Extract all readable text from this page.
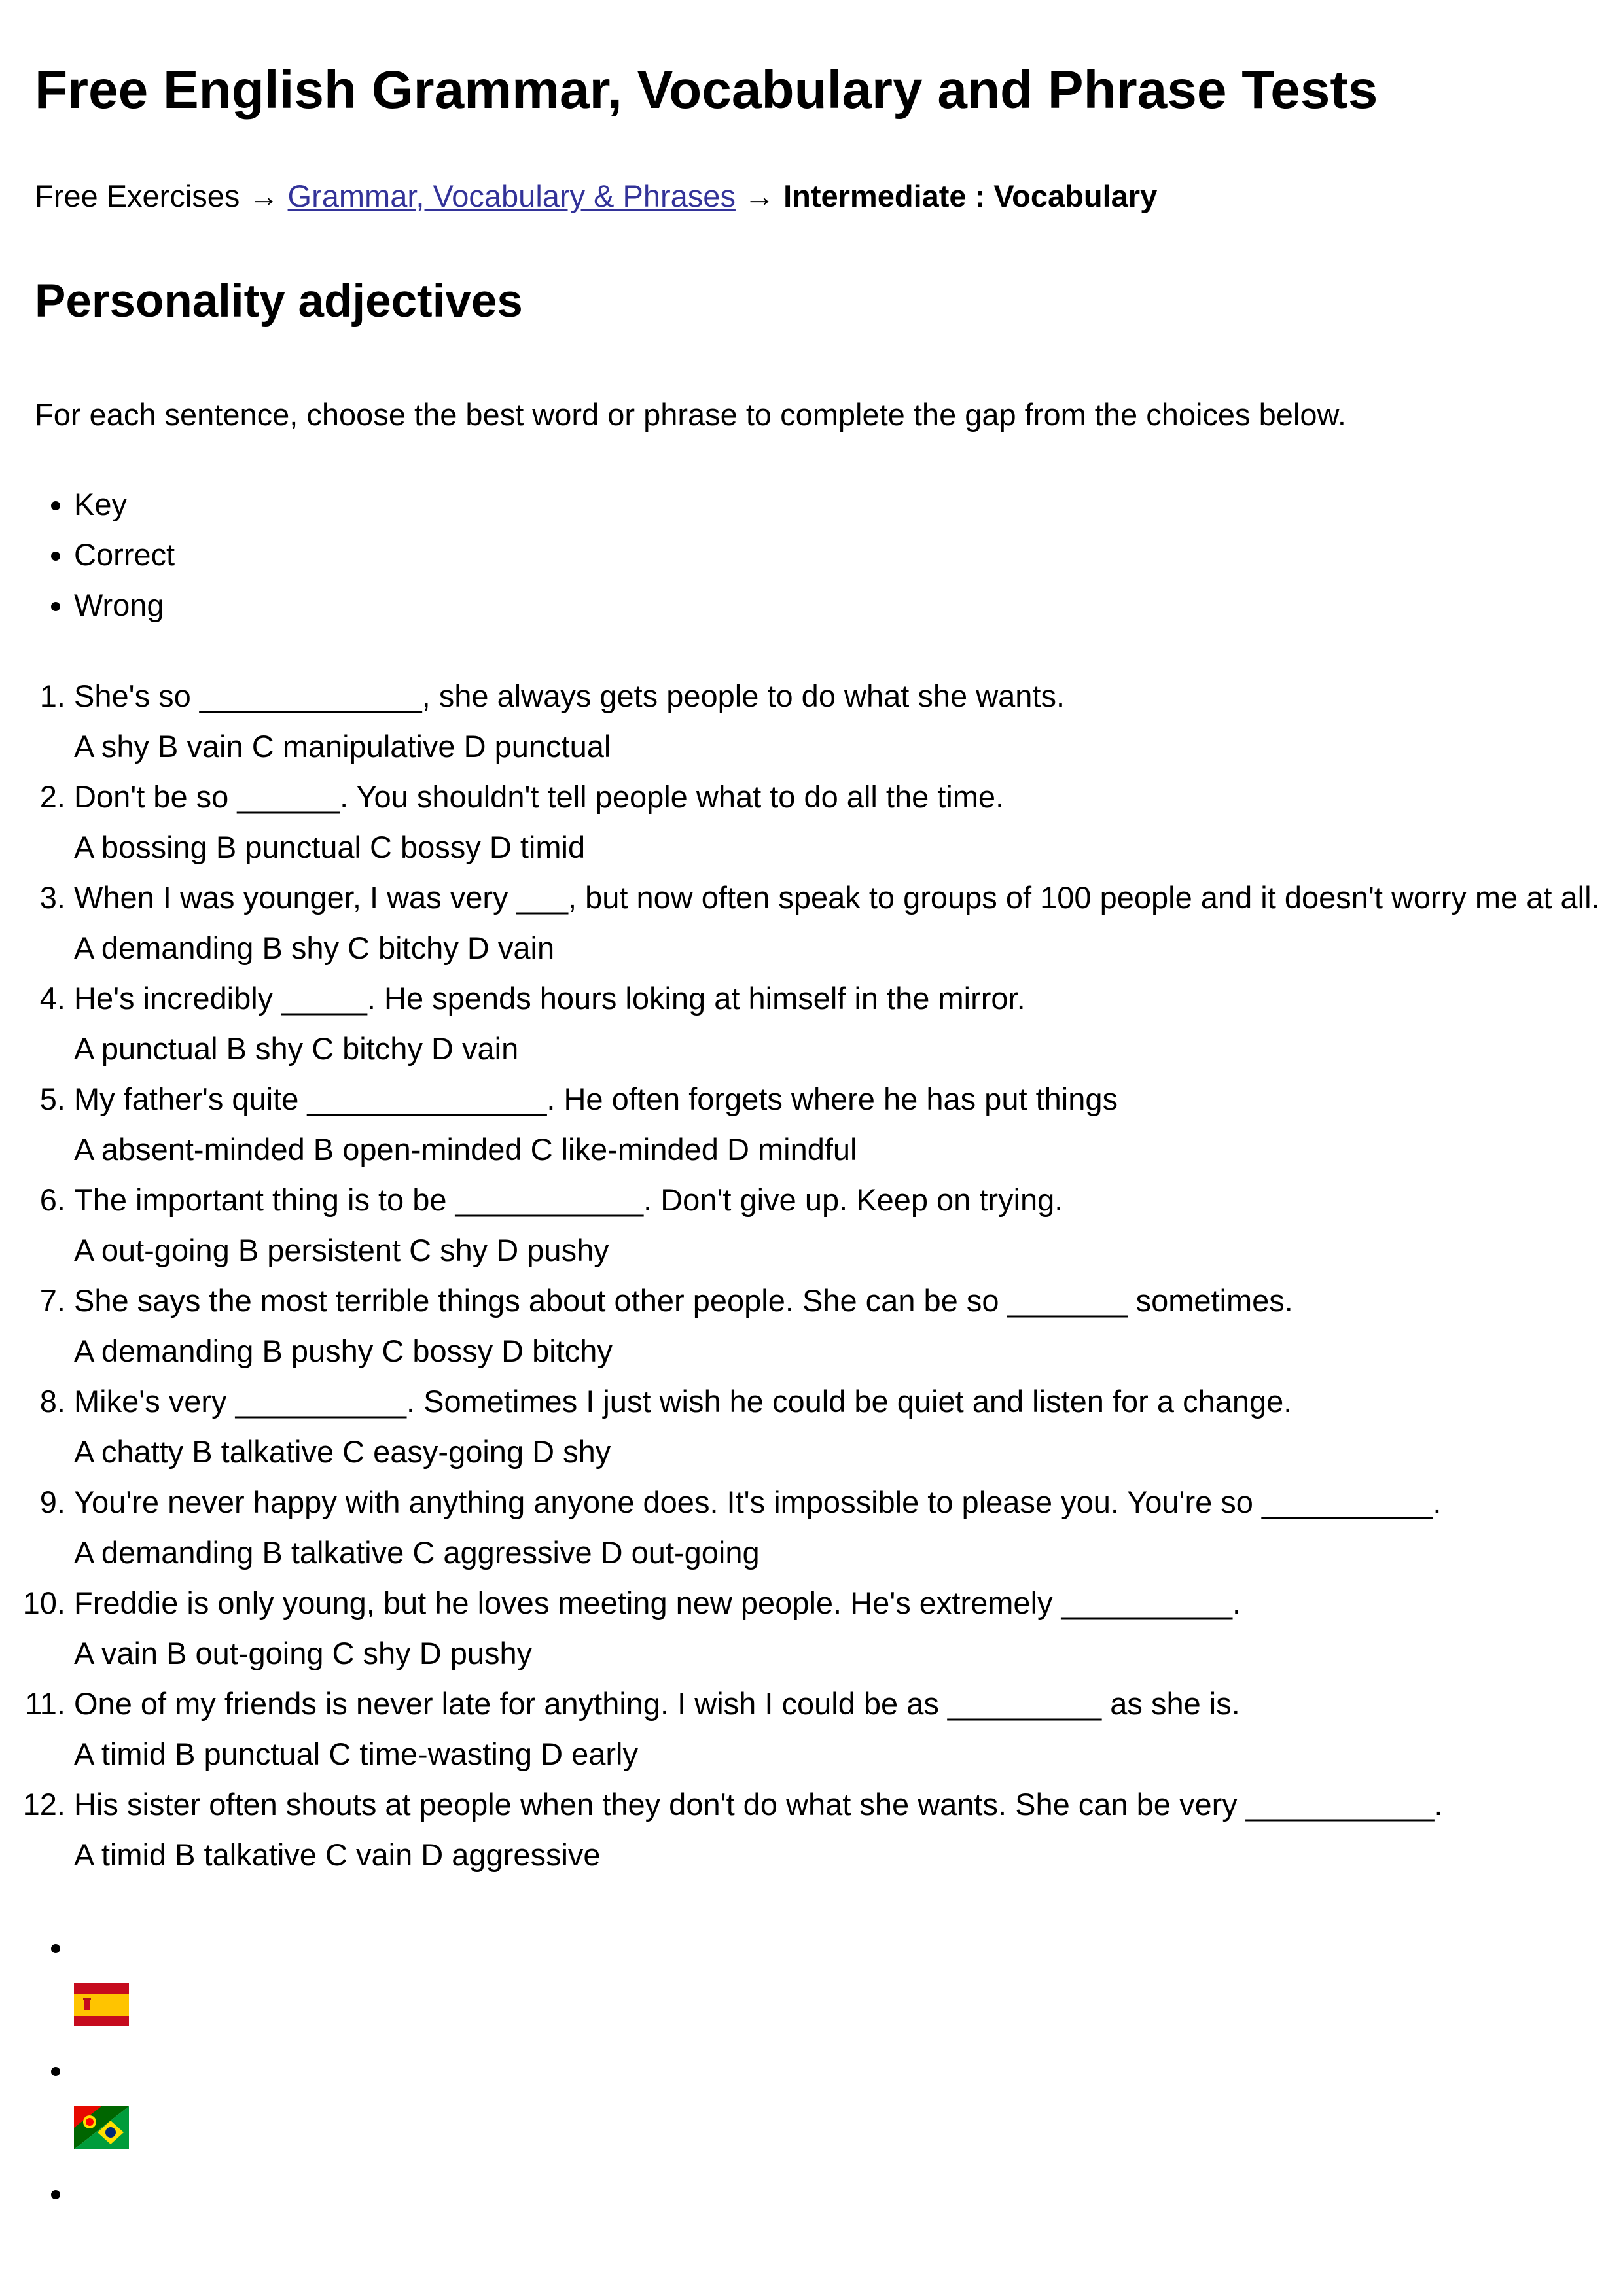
Free English Grammar, Vocabulary and Phrase Tests
Free Exercises → Grammar, Vocabulary & Phrases → Intermediate : Vocabulary
Personality adjectives
For each sentence, choose the best word or phrase to complete the gap from the choices below.
• Key
• Correct
• Wrong
1. She's so _____________, she always gets people to do what she wants.
A shy B vain C manipulative D punctual
2. Don't be so ______. You shouldn't tell people what to do all the time.
A bossing B punctual C bossy D timid
3. When I was younger, I was very ___, but now often speak to groups of 100 people and it doesn't worry me at all.
A demanding B shy C bitchy D vain
4. He's incredibly _____. He spends hours loking at himself in the mirror.
A punctual B shy C bitchy D vain
5. My father's quite ______________. He often forgets where he has put things
A absent-minded B open-minded C like-minded D mindful
6. The important thing is to be ___________. Don't give up. Keep on trying.
A out-going B persistent C shy D pushy
7. She says the most terrible things about other people. She can be so _______ sometimes.
A demanding B pushy C bossy D bitchy
8. Mike's very __________. Sometimes I just wish he could be quiet and listen for a change.
A chatty B talkative C easy-going D shy
9. You're never happy with anything anyone does. It's impossible to please you. You're so __________.
A demanding B talkative C aggressive D out-going
10. Freddie is only young, but he loves meeting new people. He's extremely __________.
A vain B out-going C shy D pushy
11. One of my friends is never late for anything. I wish I could be as _________ as she is.
A timid B punctual C time-wasting D early
12. His sister often shouts at people when they don't do what she wants. She can be very ___________.
A timid B talkative C vain D aggressive
•
•
•
